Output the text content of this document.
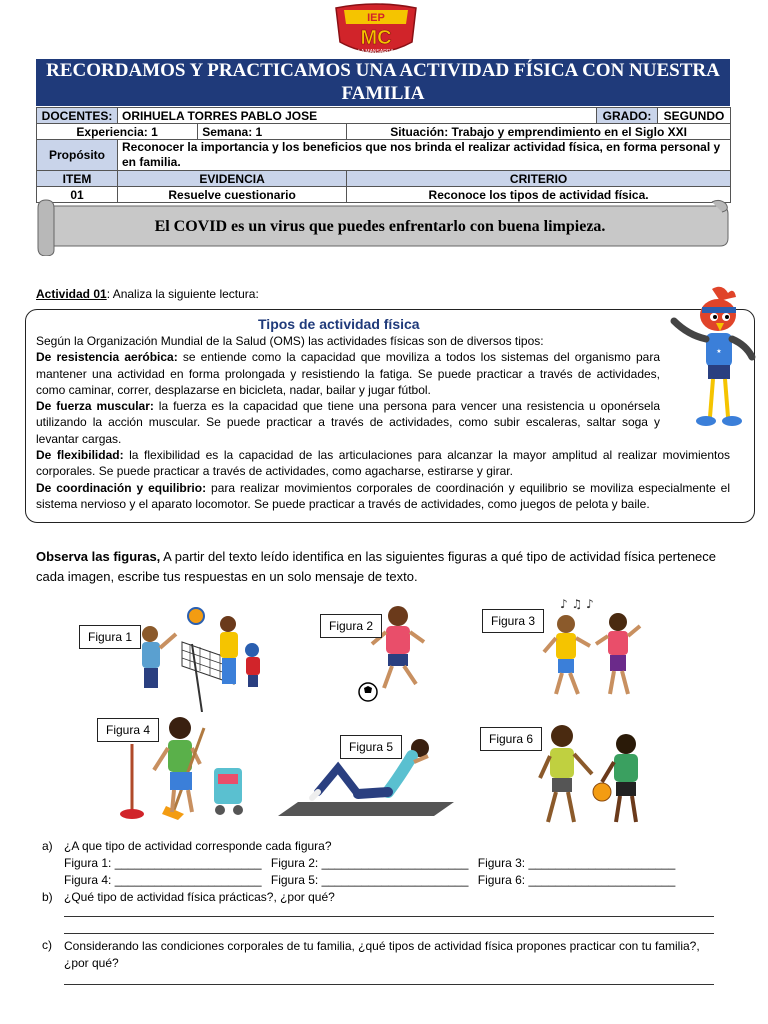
IEP
MC
LA MANSARDA
RECORDAMOS Y PRACTICAMOS UNA ACTIVIDAD FÍSICA CON NUESTRA FAMILIA
DOCENTES:	ORIHUELA TORRES PABLO JOSE			GRADO:	SEGUNDO
Experiencia: 1		Semana: 1	Situación: Trabajo y emprendimiento en el Siglo XXI		
Propósito	Reconocer la importancia y los beneficios que nos brinda el realizar actividad física, en forma personal y en familia.				
ITEM	EVIDENCIA		CRITERIO		
01	Resuelve cuestionario		Reconoce los tipos de actividad física.		
El COVID es un virus que puedes enfrentarlo con buena limpieza.
Actividad 01: Analiza la siguiente lectura:
Tipos de actividad física
Según la Organización Mundial de la Salud (OMS) las actividades físicas son de diversos tipos:
De resistencia aeróbica: se entiende como la capacidad que moviliza a todos los sistemas del organismo para mantener una actividad en forma prolongada y resistiendo la fatiga. Se puede practicar a través de actividades, como caminar, correr, desplazarse en bicicleta, nadar, bailar y jugar fútbol.
De fuerza muscular: la fuerza es la capacidad que tiene una persona para vencer una resistencia u oponérsela utilizando la acción muscular. Se puede practicar a través de actividades, como subir escaleras, saltar soga y levantar cargas.
De flexibilidad: la flexibilidad es la capacidad de las articulaciones para alcanzar la mayor amplitud al realizar movimientos corporales. Se puede practicar a través de actividades, como agacharse, estirarse y girar.
De coordinación y equilibrio: para realizar movimientos corporales de coordinación y equilibrio se moviliza especialmente el sistema nervioso y el aparato locomotor. Se puede practicar a través de actividades, como juegos de pelota y baile.
★
Observa las figuras, A partir del texto leído identifica en las siguientes figuras a qué tipo de actividad física pertenece cada imagen, escribe tus respuestas en un solo mensaje de texto.
♪ ♫ ♪
Figura 1
Figura 2	Figura 3
Figura 4
Figura 5
Figura 6
a) ¿A que tipo de actividad corresponde cada figura?
Figura 1: ______________________ Figura 2: ______________________ Figura 3: ______________________
Figura 4: ______________________ Figura 5: ______________________ Figura 6: ______________________
b) ¿Qué tipo de actividad física prácticas?, ¿por qué?
c) Considerando las condiciones corporales de tu familia, ¿qué tipos de actividad física propones practicar con tu familia?, ¿por qué?
